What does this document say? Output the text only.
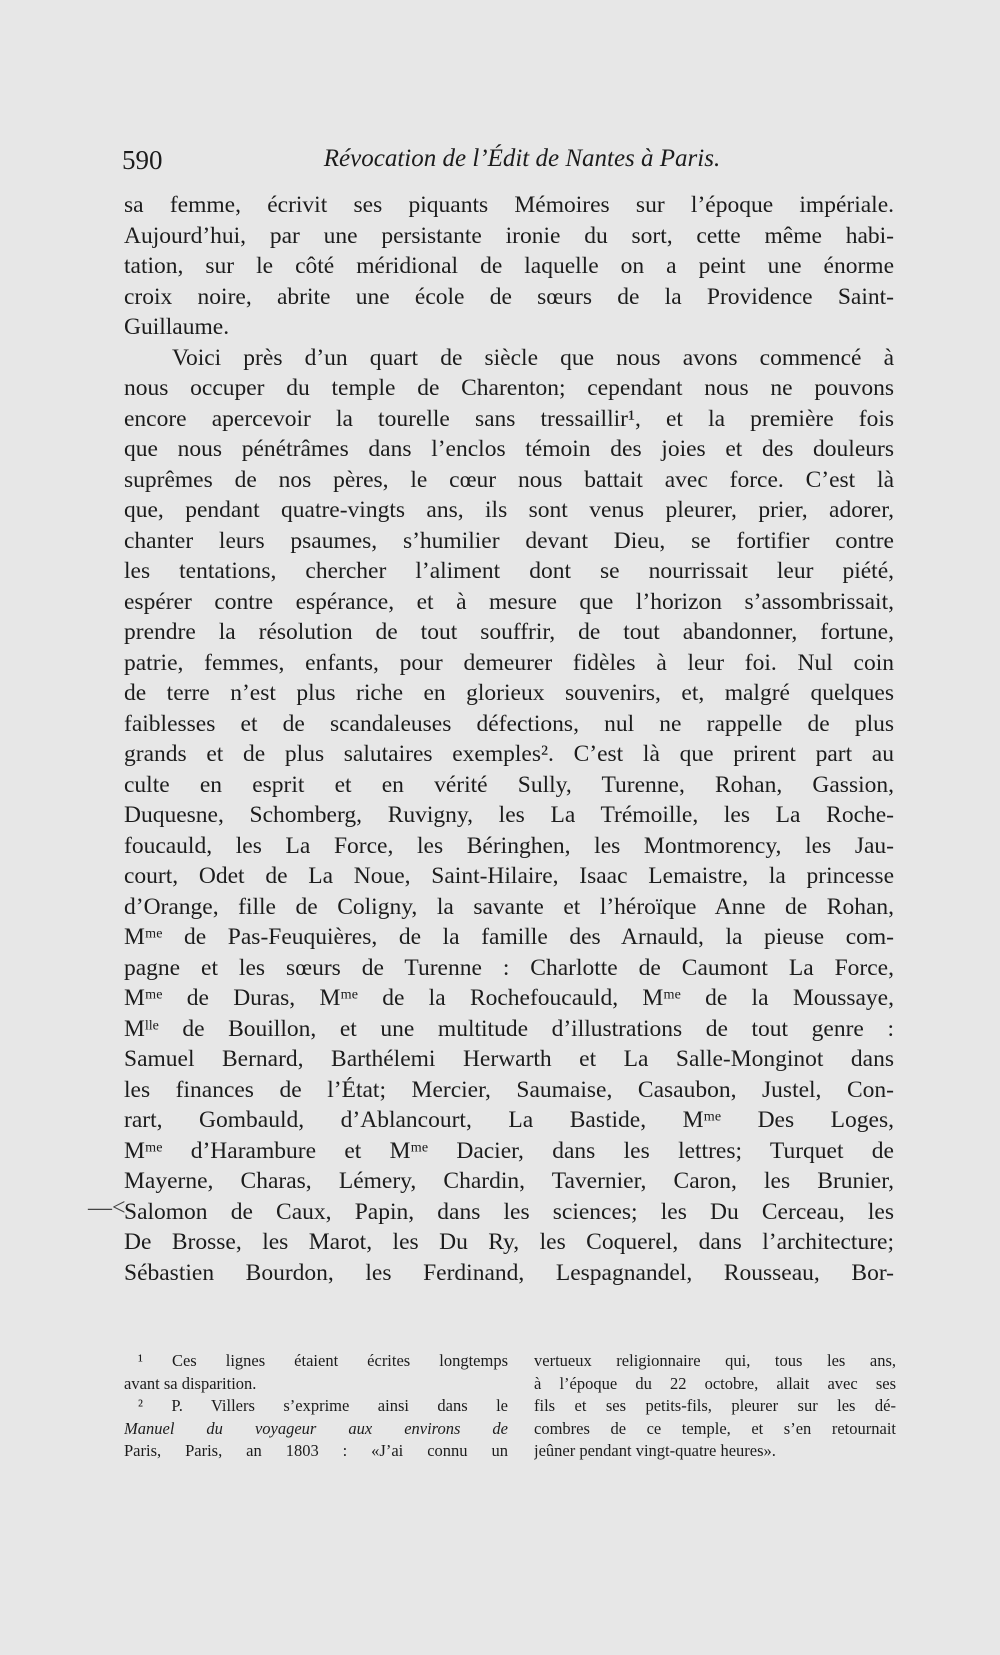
590	Révocation de l’Édit de Nantes à Paris.
sa femme, écrivit ses piquants Mémoires sur l’époque impériale.
Aujourd’hui, par une persistante ironie du sort, cette même habi-
tation, sur le côté méridional de laquelle on a peint une énorme
croix noire, abrite une école de sœurs de la Providence Saint-
Guillaume.
Voici près d’un quart de siècle que nous avons commencé à
nous occuper du temple de Charenton; cependant nous ne pouvons
encore apercevoir la tourelle sans tressaillir¹, et la première fois
que nous pénétrâmes dans l’enclos témoin des joies et des douleurs
suprêmes de nos pères, le cœur nous battait avec force. C’est là
que, pendant quatre-vingts ans, ils sont venus pleurer, prier, adorer,
chanter leurs psaumes, s’humilier devant Dieu, se fortifier contre
les tentations, chercher l’aliment dont se nourrissait leur piété,
espérer contre espérance, et à mesure que l’horizon s’assombrissait,
prendre la résolution de tout souffrir, de tout abandonner, fortune,
patrie, femmes, enfants, pour demeurer fidèles à leur foi. Nul coin
de terre n’est plus riche en glorieux souvenirs, et, malgré quelques
faiblesses et de scandaleuses défections, nul ne rappelle de plus
grands et de plus salutaires exemples². C’est là que prirent part au
culte en esprit et en vérité Sully, Turenne, Rohan, Gassion,
Duquesne, Schomberg, Ruvigny, les La Trémoille, les La Roche-
foucauld, les La Force, les Béringhen, les Montmorency, les Jau-
court, Odet de La Noue, Saint-Hilaire, Isaac Lemaistre, la princesse
d’Orange, fille de Coligny, la savante et l’héroïque Anne de Rohan,
Mᵐᵉ de Pas-Feuquières, de la famille des Arnauld, la pieuse com-
pagne et les sœurs de Turenne : Charlotte de Caumont La Force,
Mᵐᵉ de Duras, Mᵐᵉ de la Rochefoucauld, Mᵐᵉ de la Moussaye,
Mˡˡᵉ de Bouillon, et une multitude d’illustrations de tout genre :
Samuel Bernard, Barthélemi Herwarth et La Salle-Monginot dans
les finances de l’État; Mercier, Saumaise, Casaubon, Justel, Con-
rart, Gombauld, d’Ablancourt, La Bastide, Mᵐᵉ Des Loges,
Mᵐᵉ d’Harambure et Mᵐᵉ Dacier, dans les lettres; Turquet de
Mayerne, Charas, Lémery, Chardin, Tavernier, Caron, les Brunier,
Salomon de Caux, Papin, dans les sciences; les Du Cerceau, les
De Brosse, les Marot, les Du Ry, les Coquerel, dans l’architecture;
Sébastien Bourdon, les Ferdinand, Lespagnandel, Rousseau, Bor-
—<
¹ Ces lignes étaient écrites longtemps
avant sa disparition.
² P. Villers s’exprime ainsi dans le
Manuel du voyageur aux environs de
Paris, Paris, an 1803 : «J’ai connu un
vertueux religionnaire qui, tous les ans,
à l’époque du 22 octobre, allait avec ses
fils et ses petits-fils, pleurer sur les dé-
combres de ce temple, et s’en retournait
jeûner pendant vingt-quatre heures».
